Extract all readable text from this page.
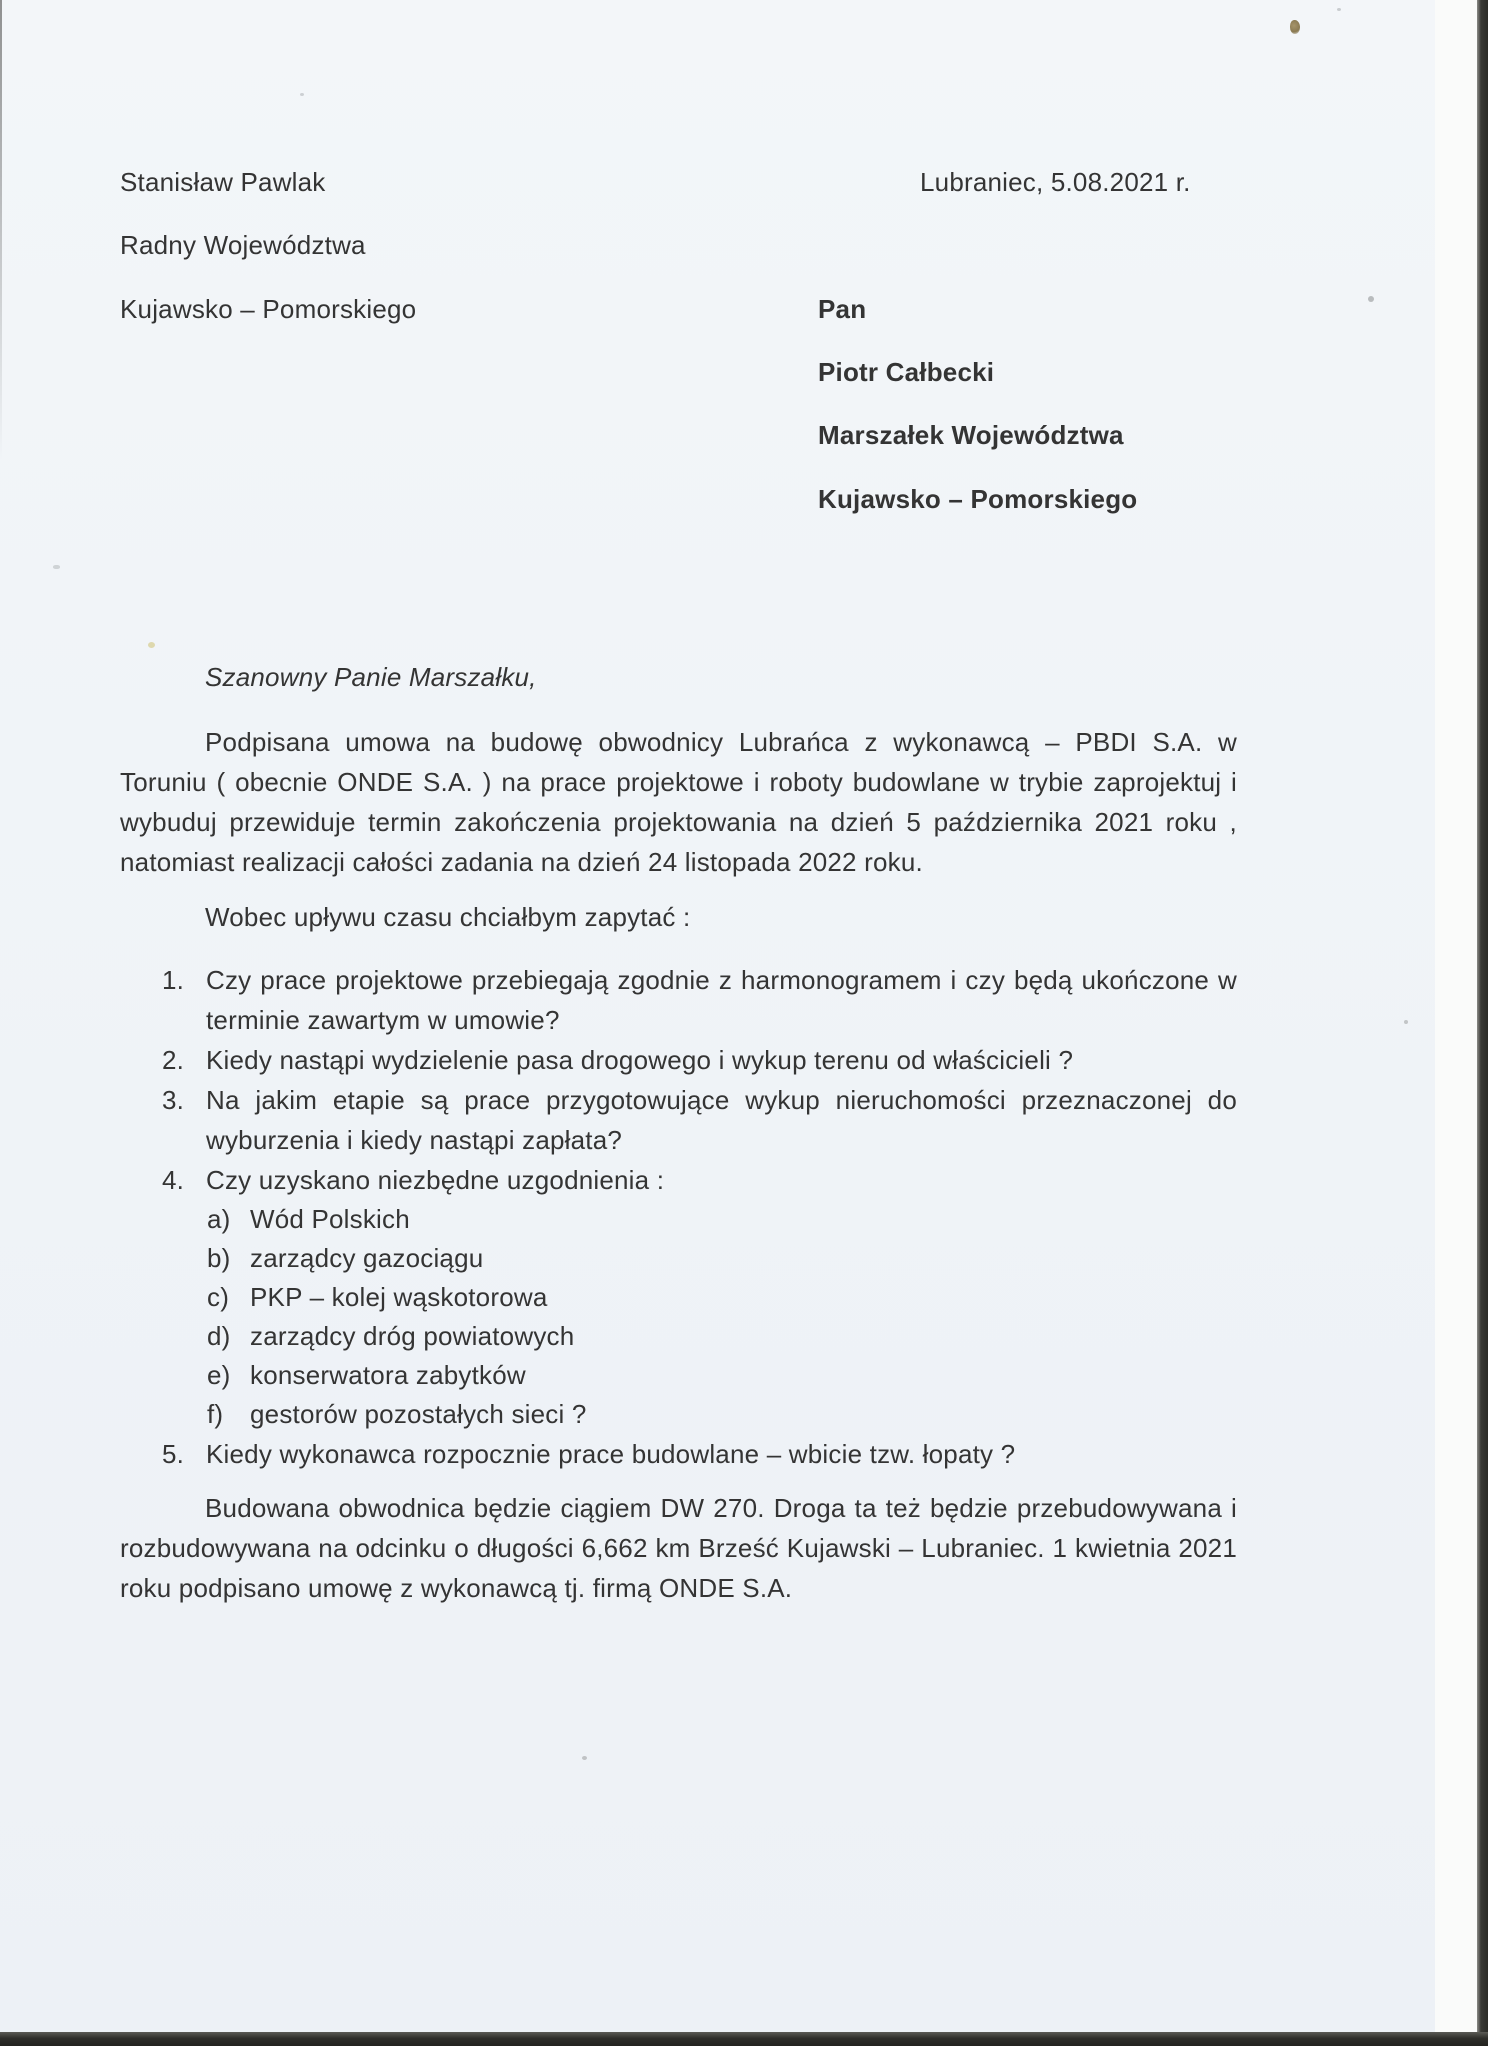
Stanisław Pawlak
Radny Województwa
Kujawsko – Pomorskiego
Lubraniec, 5.08.2021 r.
Pan
Piotr Całbecki
Marszałek Województwa
Kujawsko – Pomorskiego
Szanowny Panie Marszałku,
Podpisana umowa na budowę obwodnicy Lubrańca z wykonawcą – PBDI S.A. w Toruniu ( obecnie ONDE S.A. ) na prace projektowe i roboty budowlane w trybie zaprojektuj i wybuduj przewiduje termin zakończenia projektowania na dzień 5 października 2021 roku , natomiast realizacji całości zadania na dzień 24 listopada 2022 roku.
Wobec upływu czasu chciałbym zapytać :
1. Czy prace projektowe przebiegają zgodnie z harmonogramem i czy będą ukończone w terminie zawartym w umowie?
2. Kiedy nastąpi wydzielenie pasa drogowego i wykup terenu od właścicieli ?
3. Na jakim etapie są prace przygotowujące wykup nieruchomości przeznaczonej do wyburzenia i kiedy nastąpi zapłata?
4. Czy uzyskano niezbędne uzgodnienia :
a) Wód Polskich
b) zarządcy gazociągu
c) PKP – kolej wąskotorowa
d) zarządcy dróg powiatowych
e) konserwatora zabytków
f)	gestorów pozostałych sieci ?
5. Kiedy wykonawca rozpocznie prace budowlane – wbicie tzw. łopaty ?
Budowana obwodnica będzie ciągiem DW 270. Droga ta też będzie przebudowywana i rozbudowywana na odcinku o długości 6,662 km Brześć Kujawski – Lubraniec. 1 kwietnia 2021 roku podpisano umowę z wykonawcą tj. firmą ONDE S.A.
